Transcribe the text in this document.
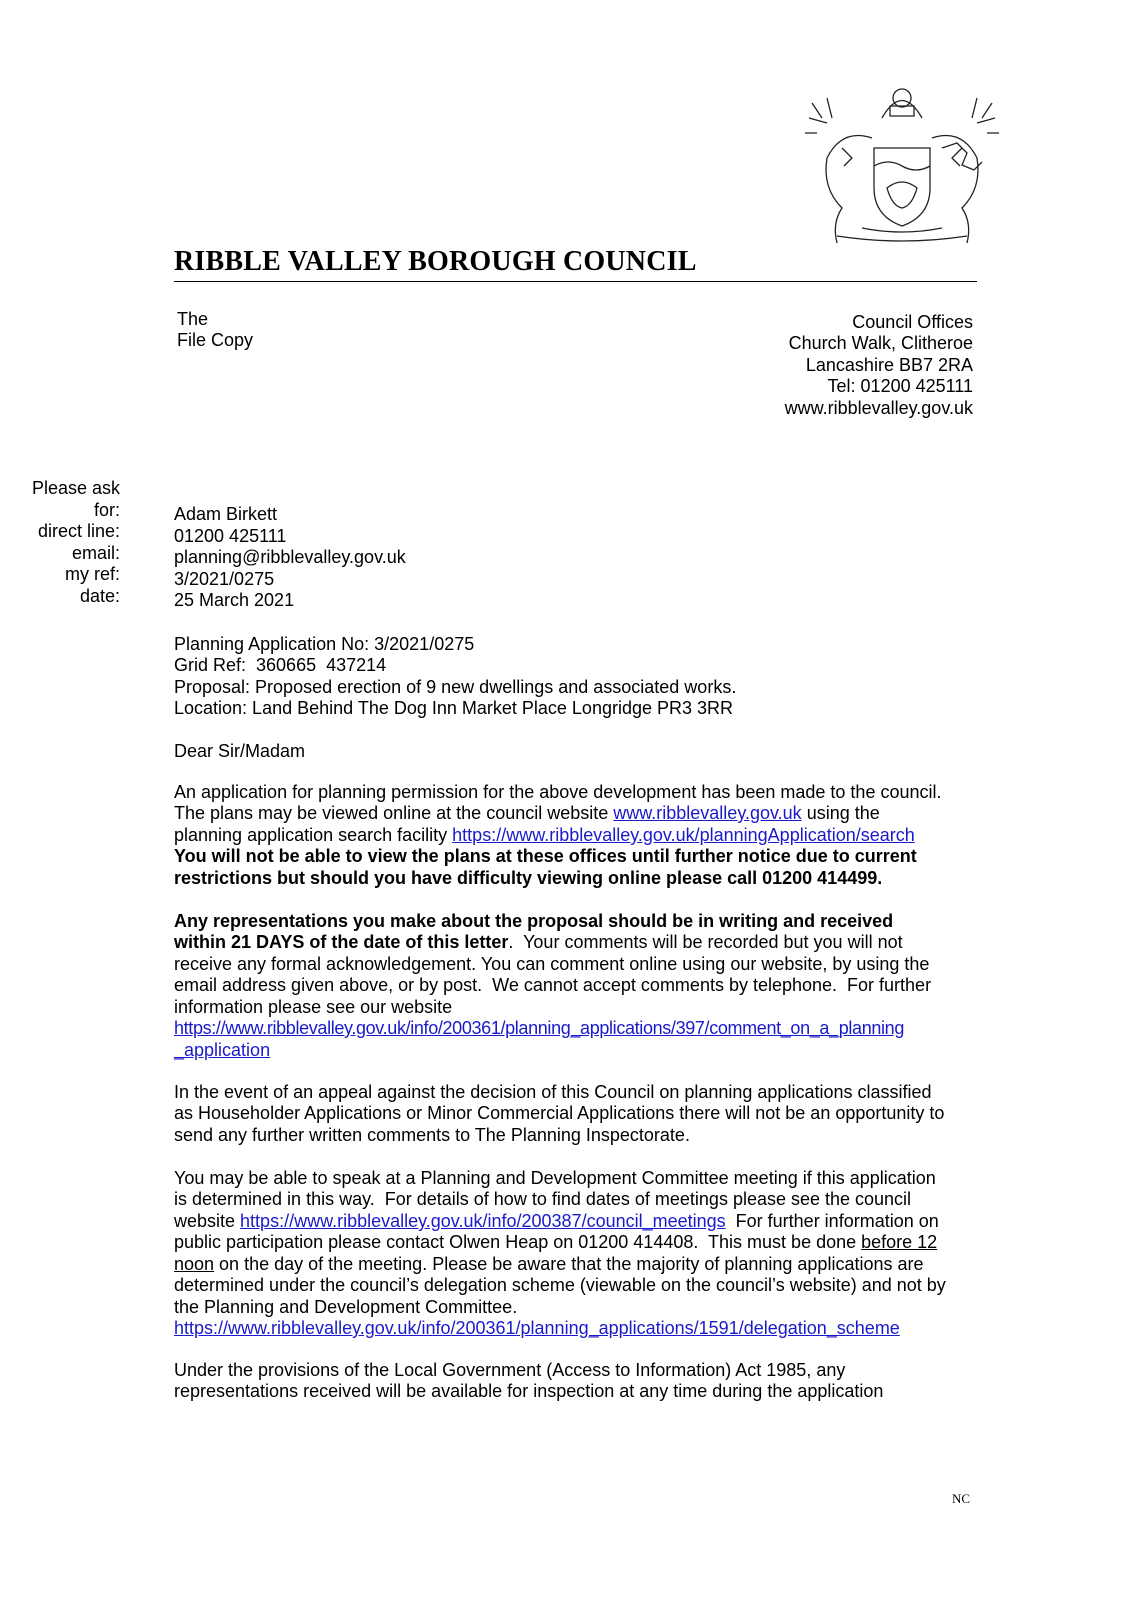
RIBBLE VALLEY BOROUGH COUNCIL
The
File Copy
Council Offices
Church Walk, Clitheroe
Lancashire BB7 2RA
Tel: 01200 425111
www.ribblevalley.gov.uk
Please ask
for:
direct line:
email:
my ref:
date:
Adam Birkett
01200 425111
planning@ribblevalley.gov.uk
3/2021/0275
25 March 2021
Planning Application No: 3/2021/0275
Grid Ref:  360665  437214
Proposal: Proposed erection of 9 new dwellings and associated works.
Location: Land Behind The Dog Inn Market Place Longridge PR3 3RR
Dear Sir/Madam
An application for planning permission for the above development has been made to the council.
The plans may be viewed online at the council website www.ribblevalley.gov.uk using the
planning application search facility https://www.ribblevalley.gov.uk/planningApplication/search
You will not be able to view the plans at these offices until further notice due to current
restrictions but should you have difficulty viewing online please call 01200 414499.
Any representations you make about the proposal should be in writing and received
within 21 DAYS of the date of this letter.  Your comments will be recorded but you will not
receive any formal acknowledgement. You can comment online using our website, by using the
email address given above, or by post.  We cannot accept comments by telephone.  For further
information please see our website
https://www.ribblevalley.gov.uk/info/200361/planning_applications/397/comment_on_a_planning
_application
In the event of an appeal against the decision of this Council on planning applications classified
as Householder Applications or Minor Commercial Applications there will not be an opportunity to
send any further written comments to The Planning Inspectorate.
You may be able to speak at a Planning and Development Committee meeting if this application
is determined in this way.  For details of how to find dates of meetings please see the council
website https://www.ribblevalley.gov.uk/info/200387/council_meetings  For further information on
public participation please contact Olwen Heap on 01200 414408.  This must be done before 12
noon on the day of the meeting. Please be aware that the majority of planning applications are
determined under the council’s delegation scheme (viewable on the council’s website) and not by
the Planning and Development Committee.
https://www.ribblevalley.gov.uk/info/200361/planning_applications/1591/delegation_scheme
Under the provisions of the Local Government (Access to Information) Act 1985, any
representations received will be available for inspection at any time during the application
NC
